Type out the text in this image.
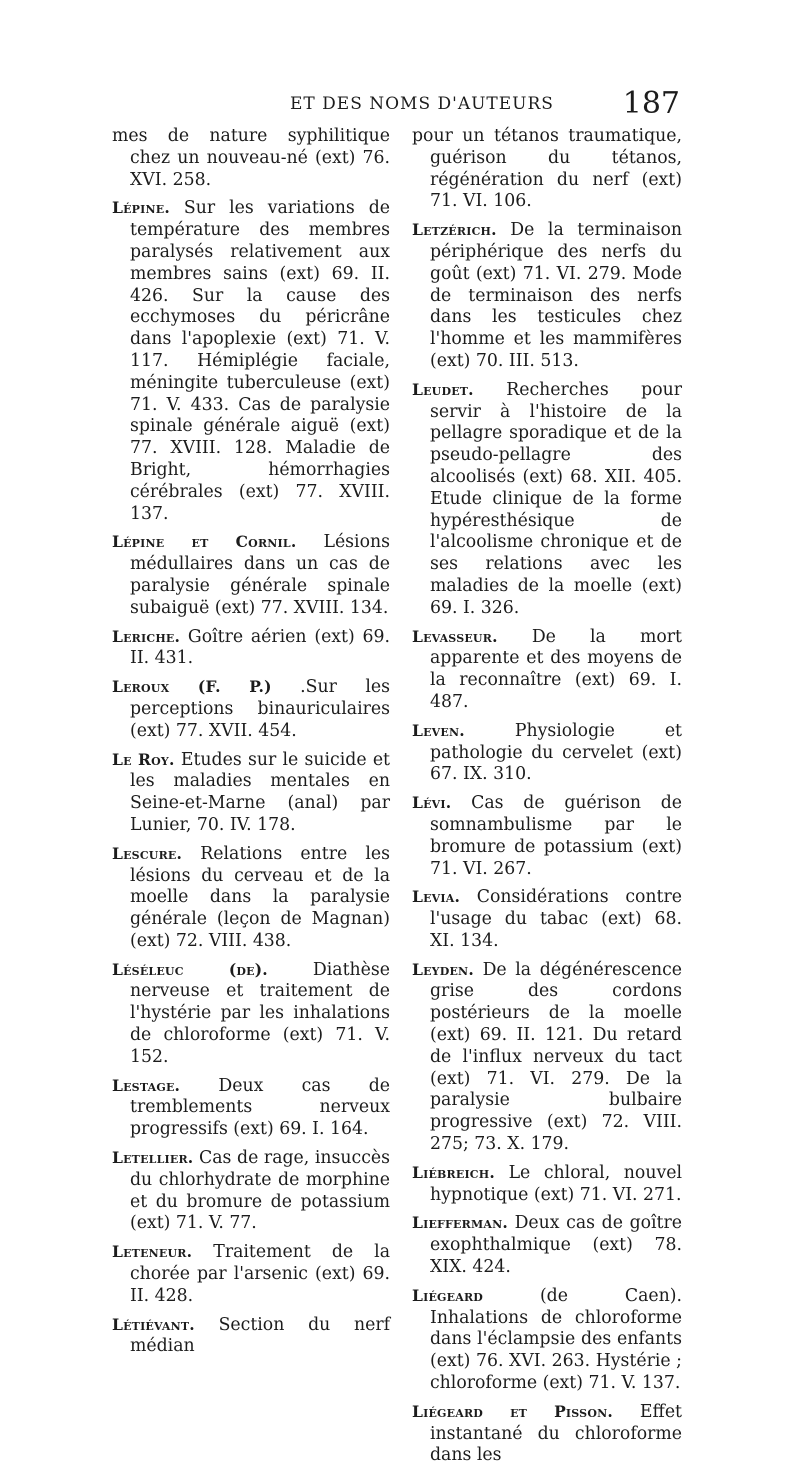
ET DES NOMS D'AUTEURS 187

mes de nature syphilitique chez un nouveau-né (ext) 76. XVI. 258.

Lépine. Sur les variations de température des membres paralysés relativement aux membres sains (ext) 69. II. 426. Sur la cause des ecchymoses du péricrâne dans l'apoplexie (ext) 71. V. 117. Hémiplégie faciale, méningite tuberculeuse (ext) 71. V. 433. Cas de paralysie spinale générale aiguë (ext) 77. XVIII. 128. Maladie de Bright, hémorrhagies cérébrales (ext) 77. XVIII. 137.

Lépine et Cornil. Lésions médullaires dans un cas de paralysie générale spinale subaiguë (ext) 77. XVIII. 134.

Leriche. Goître aérien (ext) 69. II. 431.

Leroux (F. P.) .Sur les perceptions binauriculaires (ext) 77. XVII. 454.

Le Roy. Etudes sur le suicide et les maladies mentales en Seine-et-Marne (anal) par Lunier, 70. IV. 178.

Lescure. Relations entre les lésions du cerveau et de la moelle dans la paralysie générale (leçon de Magnan) (ext) 72. VIII. 438.

Léséleuc (de).	Diathèse nerveuse et traitement de l'hystérie par les inhalations de chloroforme (ext) 71. V. 152.

Lestage. Deux cas de tremblements nerveux progressifs (ext) 69. I. 164.

Letellier. Cas de rage, insuccès du chlorhydrate de morphine et du bromure de potassium (ext) 71. V. 77.

Leteneur. Traitement de la chorée par l'arsenic (ext) 69. II. 428.

Létiévant. Section du nerf médian

pour un tétanos traumatique, guérison du tétanos, régénération du nerf (ext) 71. VI. 106.

Letzérich. De la terminaison périphérique des nerfs du goût (ext) 71. VI. 279. Mode de terminaison des nerfs dans les testicules chez l'homme et les mammifères (ext) 70. III. 513.

Leudet. Recherches pour servir à l'histoire de la pellagre sporadique et de la pseudo-pellagre des alcoolisés (ext) 68. XII. 405. Etude clinique de la forme hypéresthésique de l'alcoolisme chronique et de ses relations avec les maladies de la moelle (ext) 69. I. 326.

Levasseur. De la mort apparente et des moyens de la reconnaître (ext) 69. I. 487.

Leven.	Physiologie et pathologie du cervelet (ext) 67. IX. 310.

Lévi. Cas de guérison de somnambulisme par le bromure de potassium (ext) 71. VI. 267.

Levia. Considérations contre l'usage du tabac (ext) 68. XI. 134.

Leyden. De la dégénérescence grise des cordons postérieurs de la moelle (ext) 69. II. 121. Du retard de l'influx nerveux du tact (ext) 71. VI. 279. De la paralysie bulbaire progressive (ext) 72. VIII. 275; 73. X. 179.

Liébreich. Le chloral, nouvel hypnotique (ext) 71. VI. 271.

Liefferman. Deux cas de goître exophthalmique (ext) 78. XIX. 424.

Liégeard	(de Caen). Inhalations de chloroforme dans l'éclampsie des enfants (ext) 76. XVI. 263. Hystérie ; chloroforme (ext) 71. V. 137.

Liégeard et Pisson. Effet instantané du chloroforme dans les
